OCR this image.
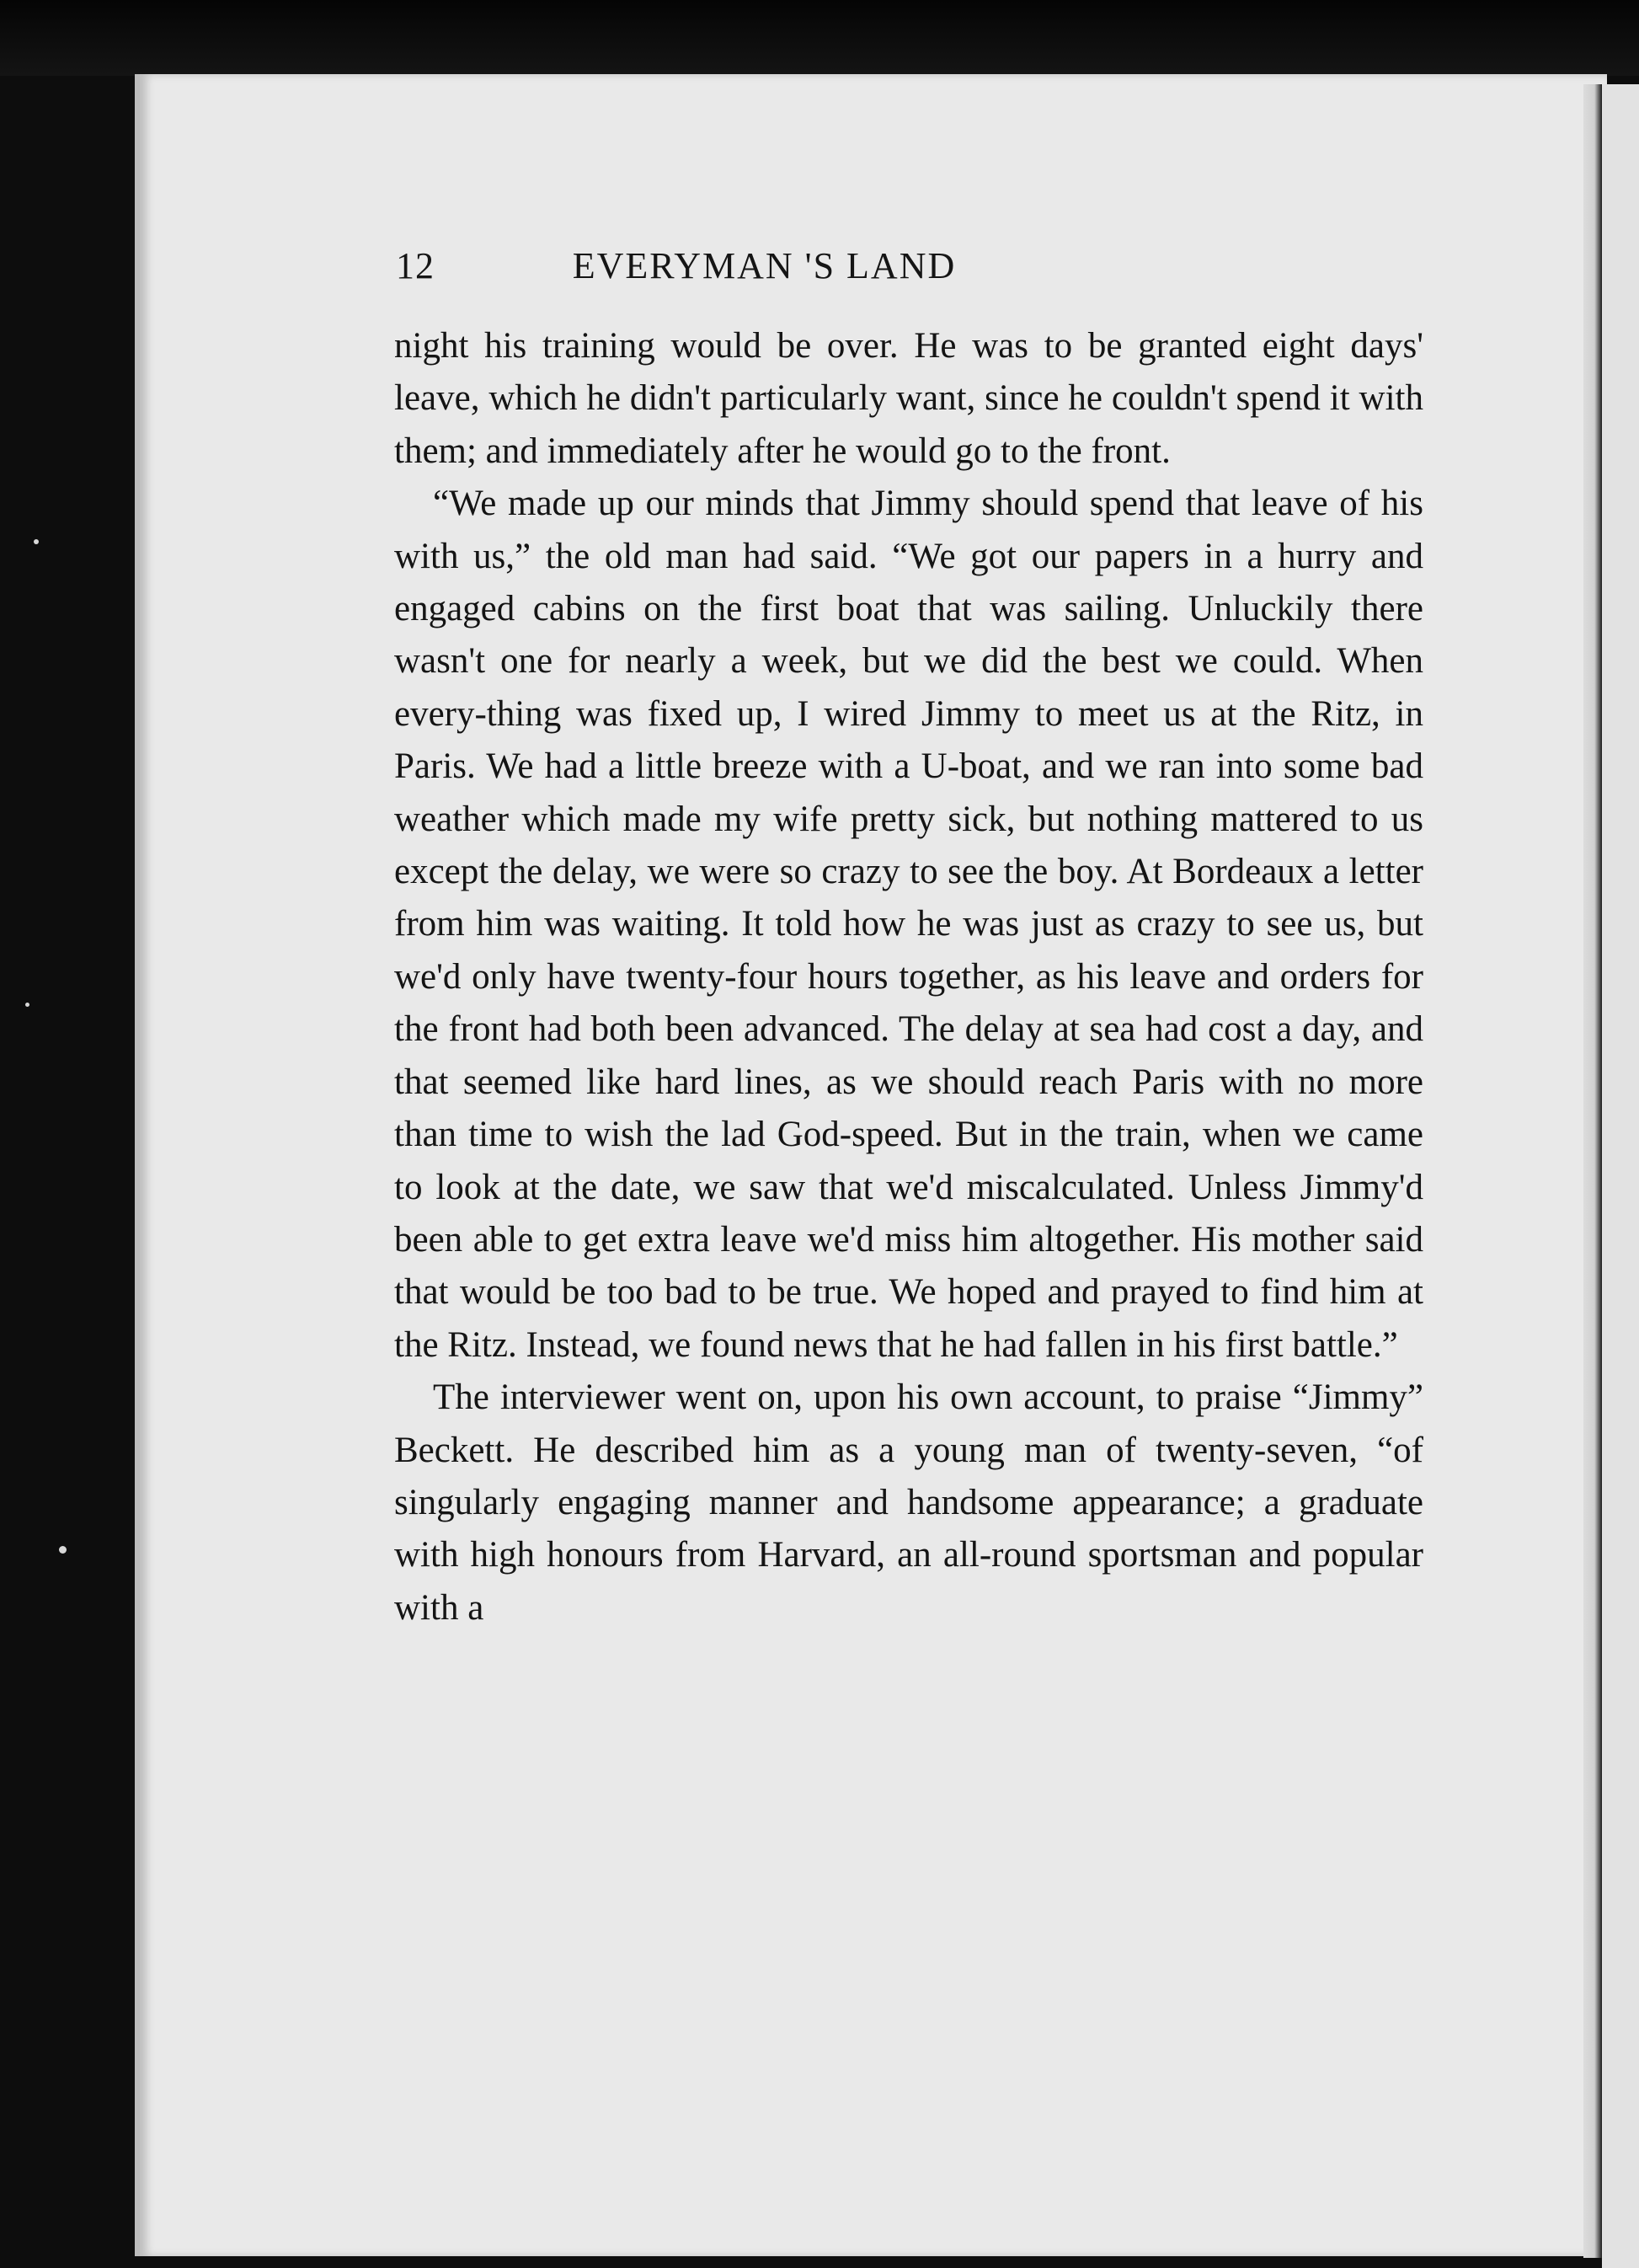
12	EVERYMAN 'S LAND

night his training would be over. He was to be granted eight days' leave, which he didn't particularly want, since he couldn't spend it with them; and immediately after he would go to the front.

“We made up our minds that Jimmy should spend that leave of his with us,” the old man had said. “We got our papers in a hurry and engaged cabins on the first boat that was sailing. Unluckily there wasn't one for nearly a week, but we did the best we could. When every-thing was fixed up, I wired Jimmy to meet us at the Ritz, in Paris. We had a little breeze with a U-boat, and we ran into some bad weather which made my wife pretty sick, but nothing mattered to us except the delay, we were so crazy to see the boy. At Bordeaux a letter from him was waiting. It told how he was just as crazy to see us, but we'd only have twenty-four hours together, as his leave and orders for the front had both been advanced. The delay at sea had cost a day, and that seemed like hard lines, as we should reach Paris with no more than time to wish the lad God-speed. But in the train, when we came to look at the date, we saw that we'd miscalculated. Unless Jimmy'd been able to get extra leave we'd miss him altogether. His mother said that would be too bad to be true. We hoped and prayed to find him at the Ritz. Instead, we found news that he had fallen in his first battle.”

The interviewer went on, upon his own account, to praise “Jimmy” Beckett. He described him as a young man of twenty-seven, “of singularly engaging manner and handsome appearance; a graduate with high honours from Harvard, an all-round sportsman and popular with a
